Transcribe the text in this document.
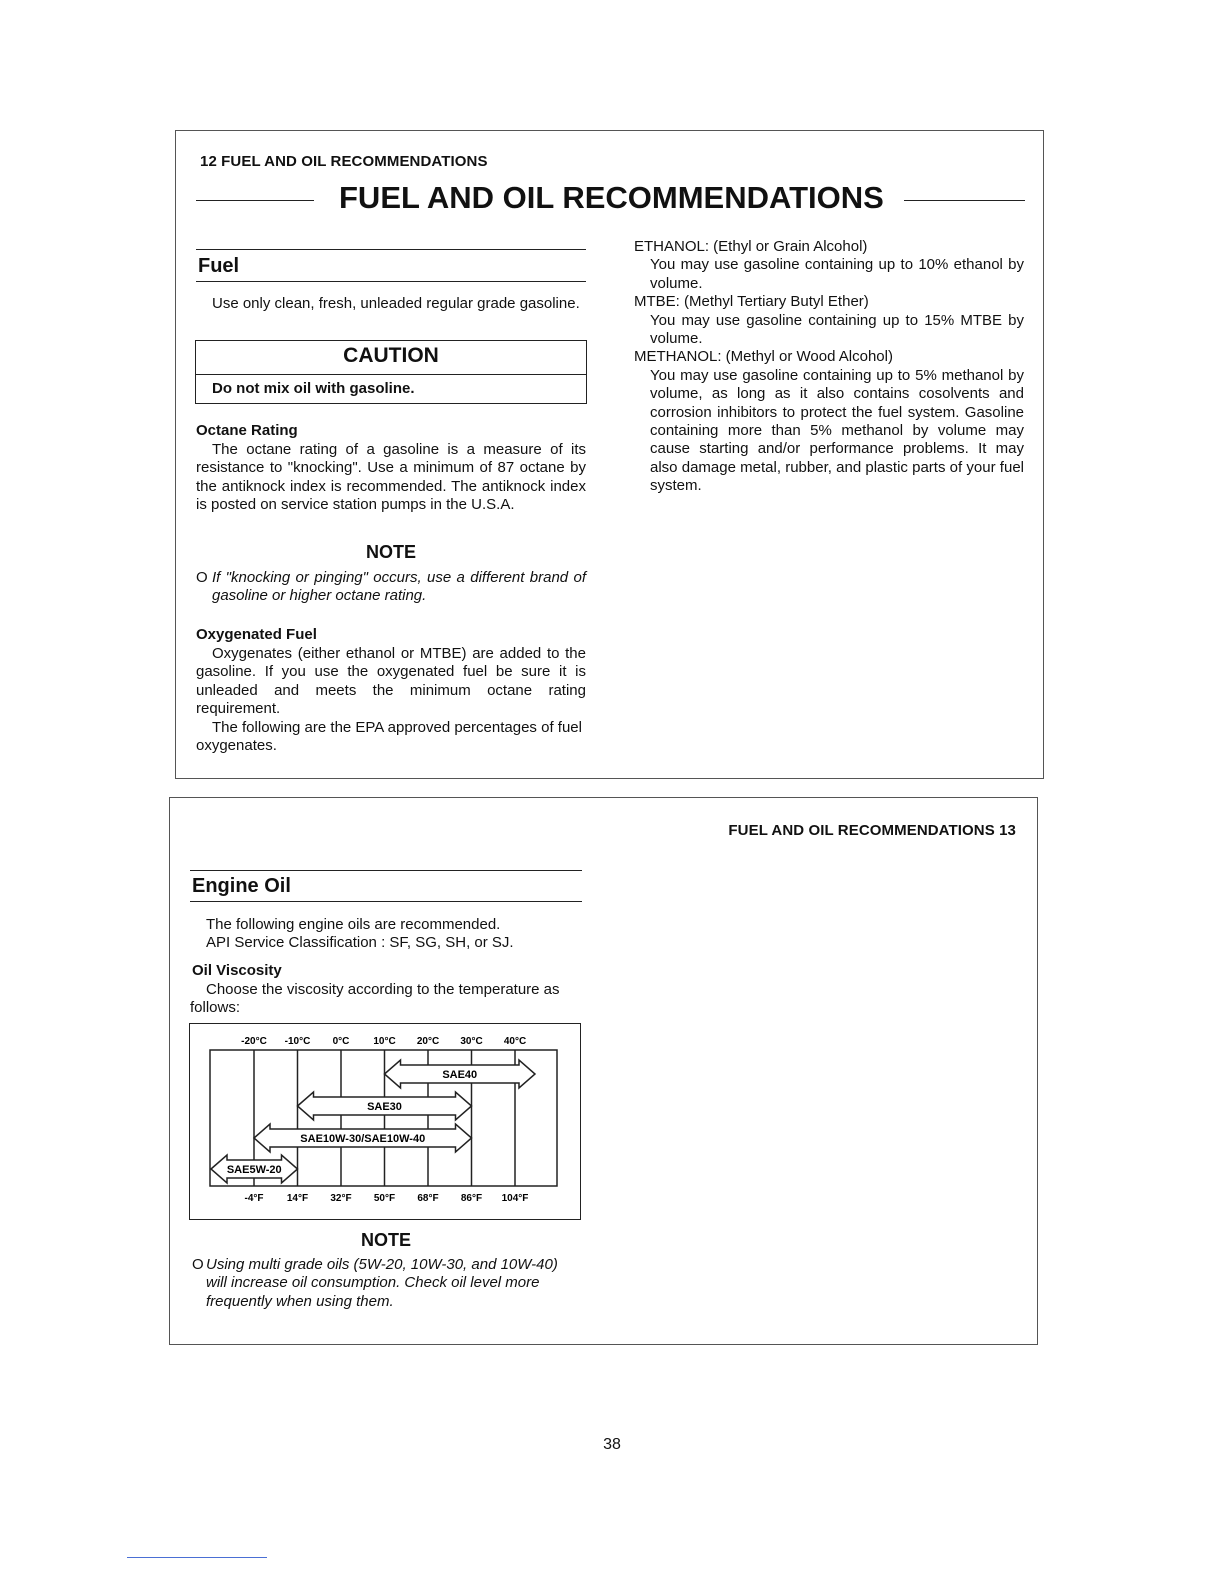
12 FUEL AND OIL RECOMMENDATIONS
FUEL AND OIL RECOMMENDATIONS
Fuel

Use only clean, fresh, unleaded regular grade gasoline.

CAUTION
Do not mix oil with gasoline.
Octane Rating

The octane rating of a gasoline is a measure of its resistance to "knocking". Use a minimum of 87 octane by the antiknock index is recommended. The antiknock index is posted on service station pumps in the U.S.A.

NOTE
O If "knocking or pinging" occurs, use a different brand of gasoline or higher octane rating.

Oxygenated Fuel

Oxygenates (either ethanol or MTBE) are added to the gasoline. If you use the oxygenated fuel be sure it is unleaded and meets the minimum octane rating requirement.

The following are the EPA approved percentages of fuel oxygenates.

ETHANOL: (Ethyl or Grain Alcohol)

You may use gasoline containing up to 10% ethanol by volume.

MTBE: (Methyl Tertiary Butyl Ether)

You may use gasoline containing up to 15% MTBE by volume.

METHANOL: (Methyl or Wood Alcohol)

You may use gasoline containing up to 5% methanol by volume, as long as it also contains cosolvents and corrosion inhibitors to protect the fuel system. Gasoline containing more than 5% methanol by volume may cause starting and/or performance problems. It may also damage metal, rubber, and plastic parts of your fuel system.

FUEL AND OIL RECOMMENDATIONS 13
Engine Oil
The following engine oils are recommended.
API Service Classification : SF, SG, SH, or SJ.
Oil Viscosity

Choose the viscosity according to the temperature as follows:

-20°C -10°C 0°C 10°C 20°C 30°C 40°C
-4°F 14°F 32°F 50°F 68°F 86°F 104°F
SAE40
SAE30
SAE10W-30/SAE10W-40
SAE5W-20
NOTE
O Using multi grade oils (5W-20, 10W-30, and 10W-40) will increase oil consumption. Check oil level more frequently when using them.

38
